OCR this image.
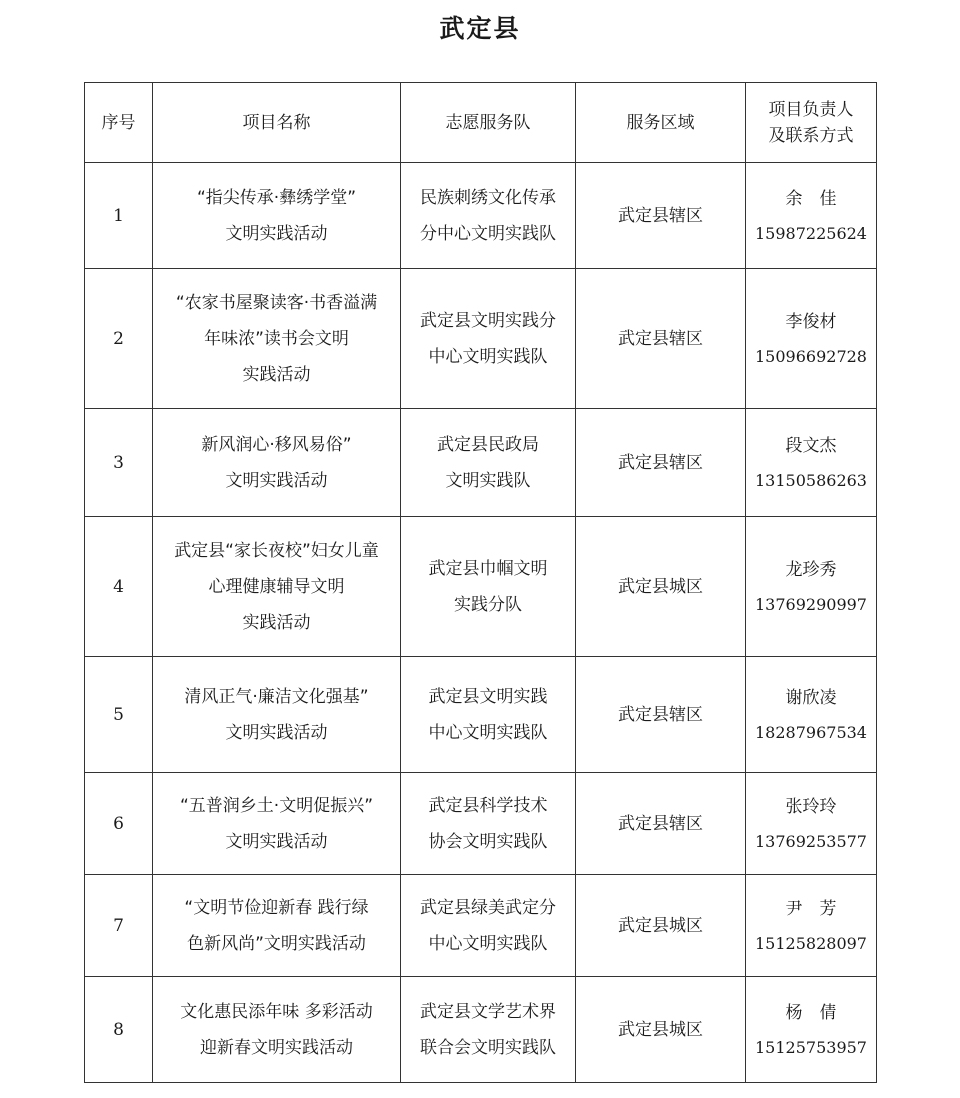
武定县
序号	项目名称	志愿服务队	服务区域	项目负责人
及联系方式

1	“指尖传承·彝绣学堂”
文明实践活动	民族刺绣文化传承
分中心文明实践队	武定县辖区	余　佳
15987225624

2	“农家书屋聚读客·书香溢满
年味浓”读书会文明
实践活动	武定县文明实践分
中心文明实践队	武定县辖区	李俊材
15096692728

3	新风润心·移风易俗”
文明实践活动	武定县民政局
文明实践队	武定县辖区	段文杰
13150586263

4	武定县“家长夜校”妇女儿童
心理健康辅导文明
实践活动	武定县巾帼文明
实践分队	武定县城区	龙珍秀
13769290997

5	清风正气·廉洁文化强基”
文明实践活动	武定县文明实践
中心文明实践队	武定县辖区	谢欣凌
18287967534

6	“五普润乡土·文明促振兴”
文明实践活动	武定县科学技术
协会文明实践队	武定县辖区	张玲玲
13769253577

7	“文明节俭迎新春 践行绿
色新风尚”文明实践活动	武定县绿美武定分
中心文明实践队	武定县城区	尹　芳
15125828097

8	文化惠民添年味 多彩活动
迎新春文明实践活动	武定县文学艺术界
联合会文明实践队	武定县城区	杨　倩
15125753957
